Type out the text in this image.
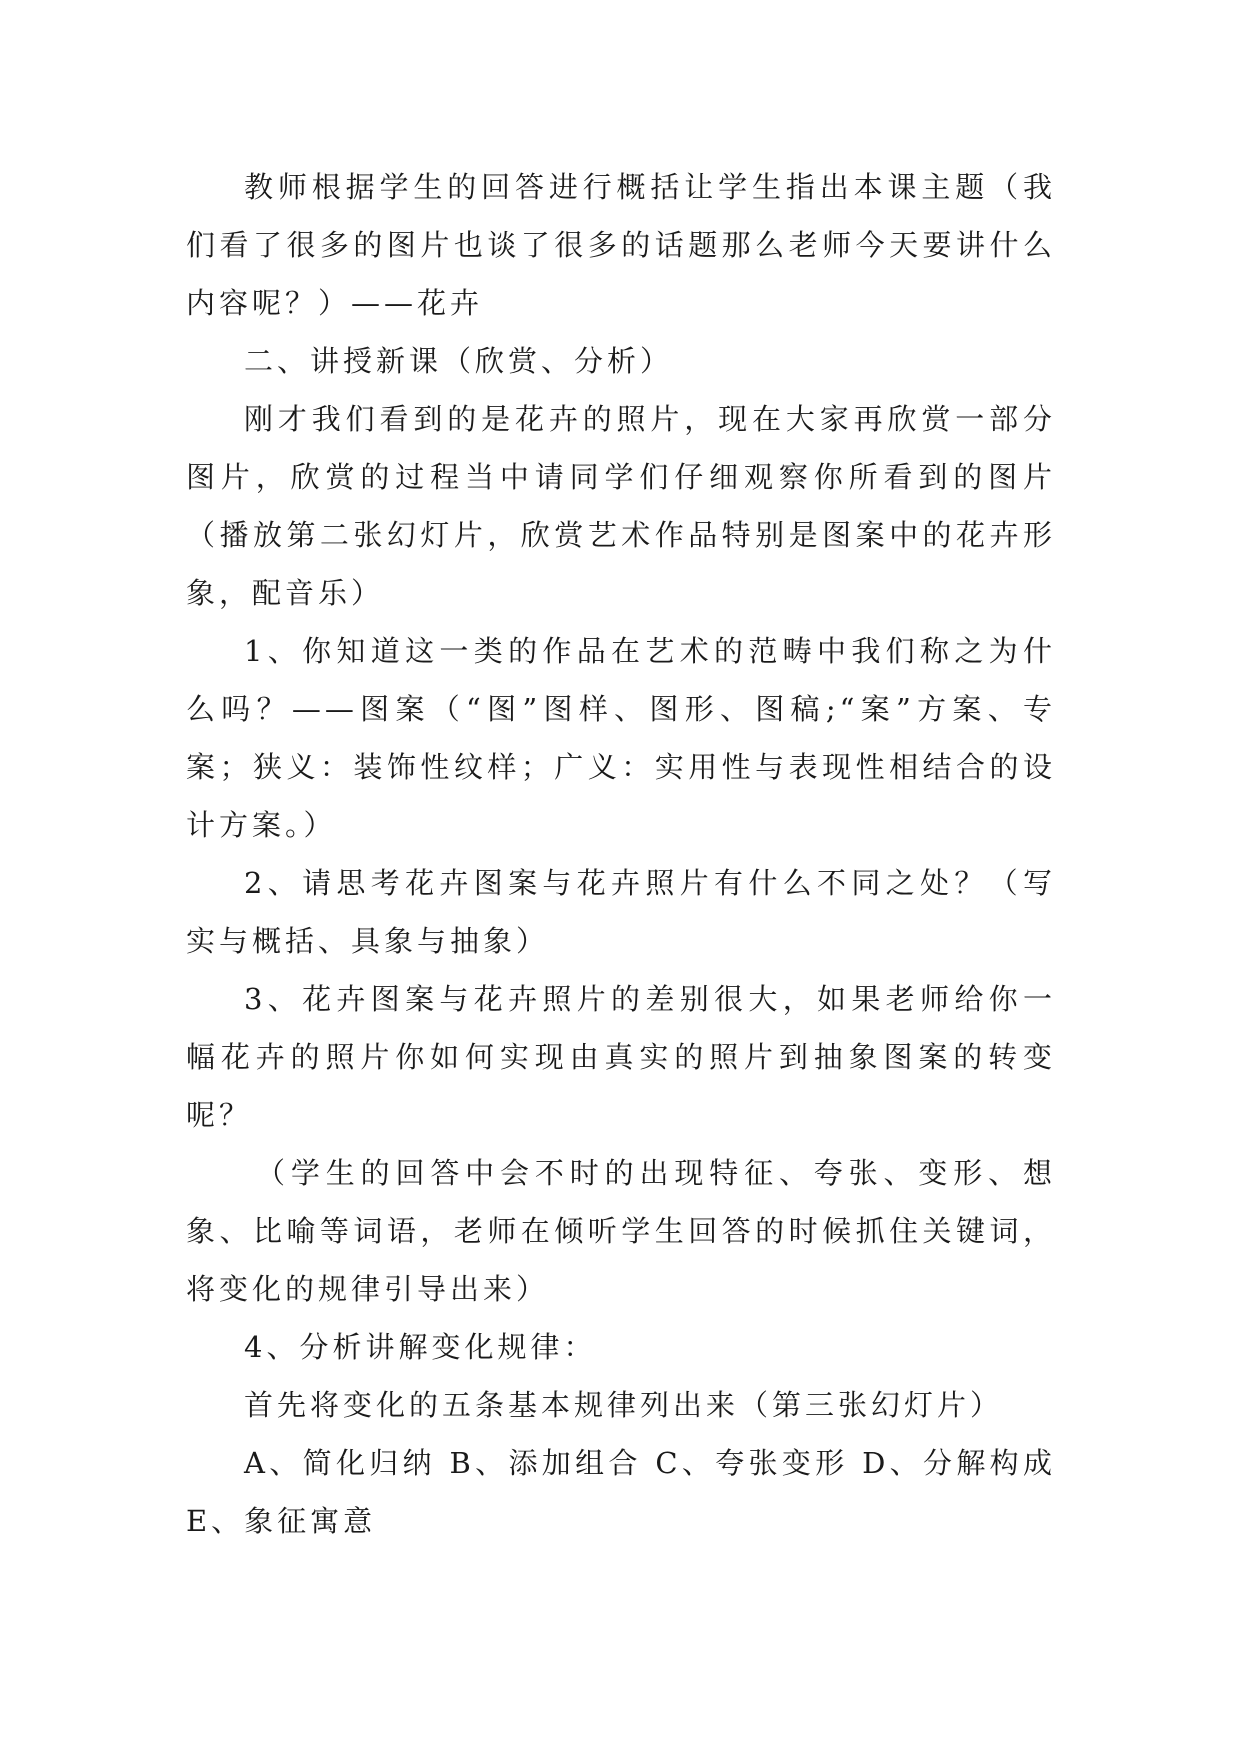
教师根据学生的回答进行概括让学生指出本课主题（我们看了很多的图片也谈了很多的话题那么老师今天要讲什么内容呢？）——花卉

二、讲授新课（欣赏、分析）

刚才我们看到的是花卉的照片，现在大家再欣赏一部分图片，欣赏的过程当中请同学们仔细观察你所看到的图片（播放第二张幻灯片，欣赏艺术作品特别是图案中的花卉形象，配音乐）

1、你知道这一类的作品在艺术的范畴中我们称之为什么吗？——图案（“图”图样、图形、图稿;“案”方案、专案；狭义：装饰性纹样；广义：实用性与表现性相结合的设计方案。）

2、请思考花卉图案与花卉照片有什么不同之处？（写实与概括、具象与抽象）

3、花卉图案与花卉照片的差别很大，如果老师给你一幅花卉的照片你如何实现由真实的照片到抽象图案的转变呢？

（学生的回答中会不时的出现特征、夸张、变形、想象、比喻等词语，老师在倾听学生回答的时候抓住关键词，将变化的规律引导出来）

4、分析讲解变化规律：

首先将变化的五条基本规律列出来（第三张幻灯片）

A、简化归纳 B、添加组合 C、夸张变形 D、分解构成 E、象征寓意
